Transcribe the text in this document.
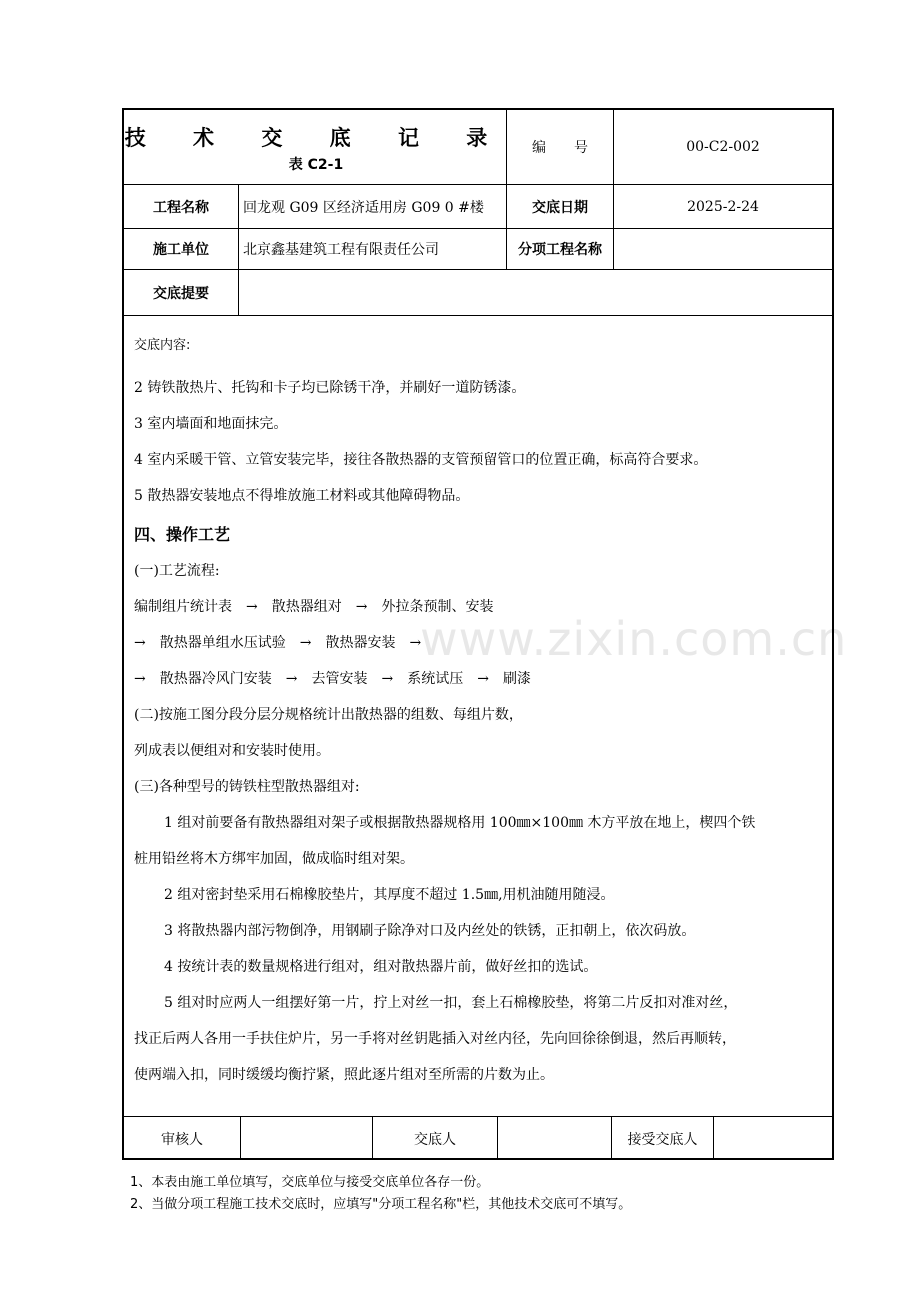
www.zixin.com.cn
技 术 交 底 记 录
表 C2-1
编　　号	00-C2-002
工程名称	回龙观 G09 区经济适用房 G09 0 #楼	交底日期	2025-2-24
施工单位	北京鑫基建筑工程有限责任公司	分项工程名称
交底提要
交底内容:
2 铸铁散热片、托钩和卡子均已除锈干净，并刷好一道防锈漆。
3 室内墙面和地面抹完。
4 室内采暖干管、立管安装完毕，接往各散热器的支管预留管口的位置正确，标高符合要求。
5 散热器安装地点不得堆放施工材料或其他障碍物品。
四、操作工艺
(一)工艺流程:
编制组片统计表 → 散热器组对 → 外拉条预制、安装
→ 散热器单组水压试验 → 散热器安装 →
→ 散热器冷风门安装 → 去管安装 → 系统试压 → 刷漆
(二)按施工图分段分层分规格统计出散热器的组数、每组片数，
列成表以便组对和安装时使用。
(三)各种型号的铸铁柱型散热器组对:
1 组对前要备有散热器组对架子或根据散热器规格用 100㎜×100㎜ 木方平放在地上，楔四个铁
桩用铅丝将木方绑牢加固，做成临时组对架。
2 组对密封垫采用石棉橡胶垫片，其厚度不超过 1.5㎜,用机油随用随浸。
3 将散热器内部污物倒净，用钢刷子除净对口及内丝处的铁锈，正扣朝上，依次码放。
4 按统计表的数量规格进行组对，组对散热器片前，做好丝扣的选试。
5 组对时应两人一组摆好第一片，拧上对丝一扣，套上石棉橡胶垫，将第二片反扣对准对丝，
找正后两人各用一手扶住炉片，另一手将对丝钥匙插入对丝内径，先向回徐徐倒退，然后再顺转，
使两端入扣，同时缓缓均衡拧紧，照此逐片组对至所需的片数为止。
审核人	交底人	接受交底人
1、本表由施工单位填写，交底单位与接受交底单位各存一份。
2、当做分项工程施工技术交底时，应填写"分项工程名称"栏，其他技术交底可不填写。
